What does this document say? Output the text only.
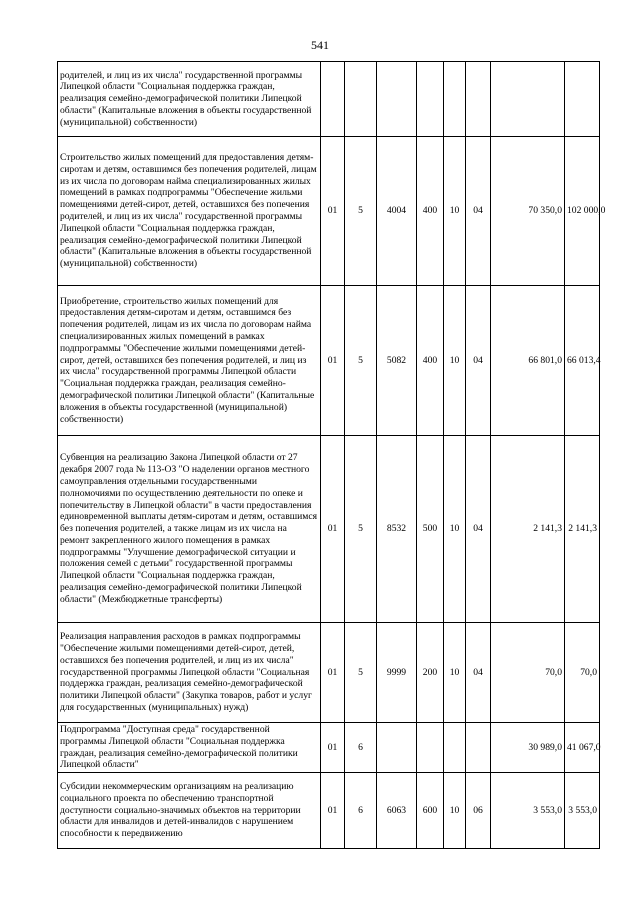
541
родителей, и лиц из их числа" государственной программы Липецкой области "Социальная поддержка граждан, реализация семейно-демографической политики Липецкой области" (Капитальные вложения в объекты государственной (муниципальной) собственности)								
Строительство жилых помещений для предоставления детям-сиротам и детям, оставшимся без попечения родителей, лицам из их числа по договорам найма специализированных жилых помещений в рамках подпрограммы "Обеспечение жильми помещениями детей-сирот, детей, оставшихся без попечения родителей, и лиц из их числа" государственной программы Липецкой области "Социальная поддержка граждан, реализация семейно-демографической политики Липецкой области" (Капитальные вложения в объекты государственной (муниципальной) собственности)	01	5	4004	400	10	04	70 350,0	102 000,0
Приобретение, строительство жилых помещений для предоставления детям-сиротам и детям, оставшимся без попечения родителей, лицам из их числа по договорам найма специализированных жилых помещений в рамках подпрограммы "Обеспечение жилыми помещениями детей-сирот, детей, оставшихся без попечения родителей, и лиц из их числа" государственной программы Липецкой области "Социальная поддержка граждан, реализация семейно-демографической политики Липецкой области" (Капитальные вложения в объекты государственной (муниципальной) собственности)	01	5	5082	400	10	04	66 801,0	66 013,4
Субвенция на реализацию Закона Липецкой области от 27 декабря 2007 года № 113-ОЗ "О наделении органов местного самоуправления отдельными государственными полномочиями по осуществлению деятельности по опеке и попечительству в Липецкой области" в части предоставления единовременной выплаты детям-сиротам и детям, оставшимся без попечения родителей, а также лицам из их числа на ремонт закрепленного жилого помещения в рамках подпрограммы "Улучшение демографической ситуации и положения семей с детьми" государственной программы Липецкой области "Социальная поддержка граждан, реализация семейно-демографической политики Липецкой области" (Межбюджетные трансферты)	01	5	8532	500	10	04	2 141,3	2 141,3
Реализация направления расходов в рамках подпрограммы "Обеспечение жилыми помещениями детей-сирот, детей, оставшихся без попечения родителей, и лиц из их числа" государственной программы Липецкой области "Социальная поддержка граждан, реализация семейно-демографической политики Липецкой области" (Закупка товаров, работ и услуг для государственных (муниципальных) нужд)	01	5	9999	200	10	04	70,0	70,0
Подпрограмма "Доступная среда" государственной программы Липецкой области "Социальная поддержка граждан, реализация семейно-демографической политики Липецкой области"	01	6					30 989,0	41 067,0
Субсидии некоммерческим организациям на реализацию социального проекта по обеспечению транспортной доступности социально-значимых объектов на территории области для инвалидов и детей-инвалидов с нарушением способности к передвижению	01	6	6063	600	10	06	3 553,0	3 553,0
